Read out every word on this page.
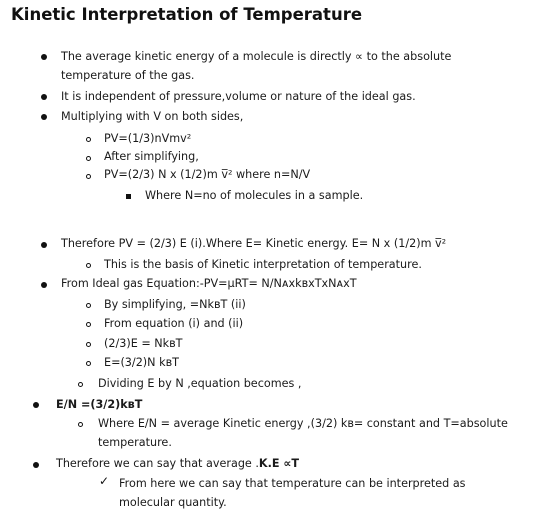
Kinetic Interpretation of Temperature
The average kinetic energy of a molecule is directly ∝ to the absolute
temperature of the gas.
It is independent of pressure,volume or nature of the ideal gas.
Multiplying with V on both sides,
PV=(1/3)nVmv²
After simplifying,
PV=(2/3) N x (1/2)m v̅² where n=N/V
Where N=no of molecules in a sample.
Therefore PV = (2/3) E (i).Where E= Kinetic energy. E= N x (1/2)m v̅²
This is the basis of Kinetic interpretation of temperature.
From Ideal gas Equation:-PV=μRT= N/NᴀxkʙxTxNᴀxT
By simplifying, =NkʙT (ii)
From equation (i) and (ii)
(2/3)E = NkʙT
E=(3/2)N kʙT
Dividing E by N ,equation becomes ,
E/N =(3/2)kʙT
Where E/N = average Kinetic energy ,(3/2) kʙ= constant and T=absolute
temperature.
Therefore we can say that average .K.E ∝T
✓ From here we can say that temperature can be interpreted as
molecular quantity.
